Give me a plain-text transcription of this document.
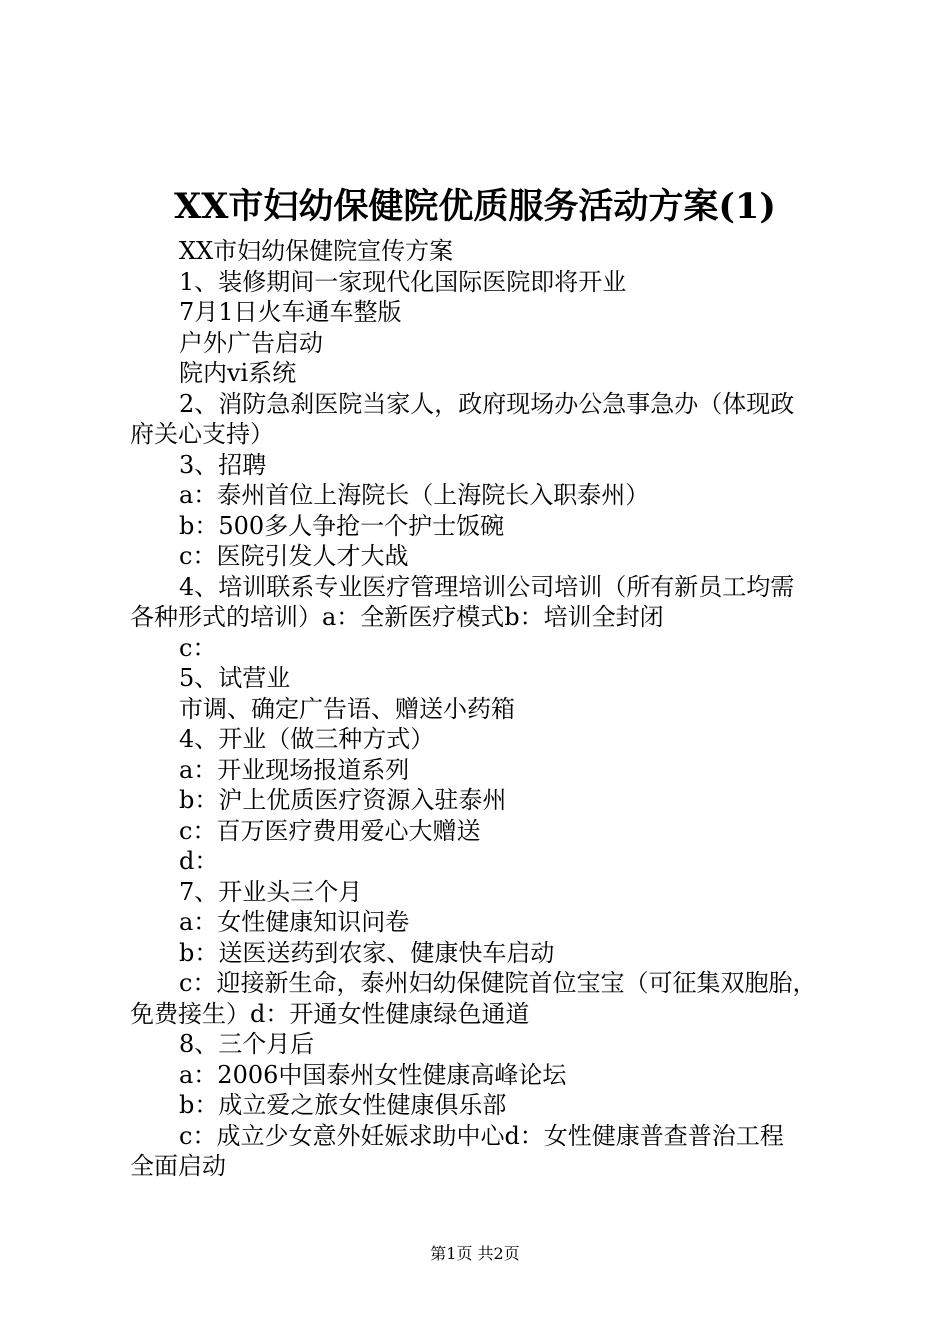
XX市妇幼保健院优质服务活动方案(1)
XX市妇幼保健院宣传方案
1、装修期间一家现代化国际医院即将开业
7月1日火车通车整版
户外广告启动
院内vi系统
2、消防急刹医院当家人，政府现场办公急事急办（体现政
府关心支持）
3、招聘
a：泰州首位上海院长（上海院长入职泰州）
b：500多人争抢一个护士饭碗
c：医院引发人才大战
4、培训联系专业医疗管理培训公司培训（所有新员工均需
各种形式的培训）a：全新医疗模式b：培训全封闭
c：
5、试营业
市调、确定广告语、赠送小药箱
4、开业（做三种方式）
a：开业现场报道系列
b：沪上优质医疗资源入驻泰州
c：百万医疗费用爱心大赠送
d：
7、开业头三个月
a：女性健康知识问卷
b：送医送药到农家、健康快车启动
c：迎接新生命，泰州妇幼保健院首位宝宝（可征集双胞胎，
免费接生）d：开通女性健康绿色通道
8、三个月后
a：2006中国泰州女性健康高峰论坛
b：成立爱之旅女性健康俱乐部
c：成立少女意外妊娠求助中心d：女性健康普查普治工程
全面启动
第1页 共2页
